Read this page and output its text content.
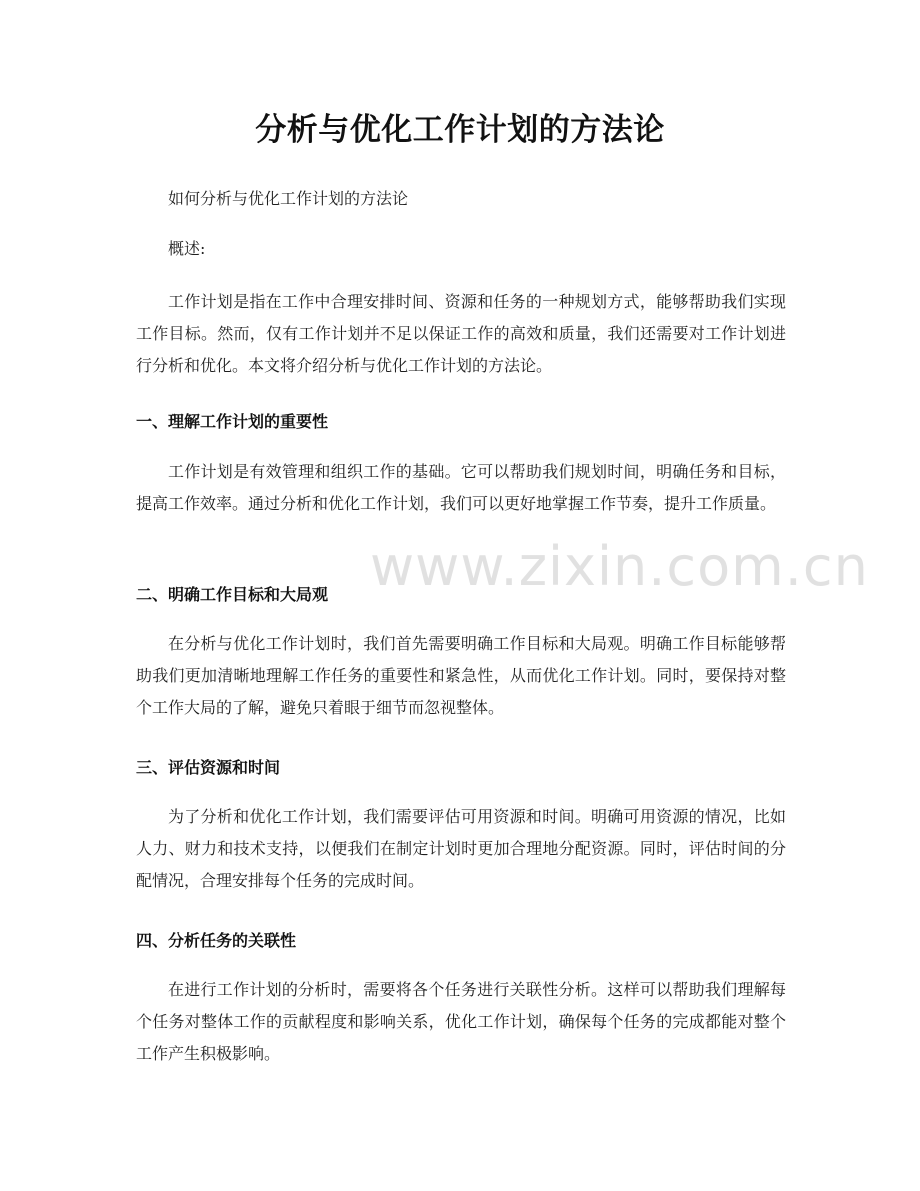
分析与优化工作计划的方法论
如何分析与优化工作计划的方法论
概述:
工作计划是指在工作中合理安排时间、资源和任务的一种规划方式，能够帮助我们实现工作目标。然而，仅有工作计划并不足以保证工作的高效和质量，我们还需要对工作计划进行分析和优化。本文将介绍分析与优化工作计划的方法论。
一、理解工作计划的重要性
工作计划是有效管理和组织工作的基础。它可以帮助我们规划时间，明确任务和目标，提高工作效率。通过分析和优化工作计划，我们可以更好地掌握工作节奏，提升工作质量。
二、明确工作目标和大局观
在分析与优化工作计划时，我们首先需要明确工作目标和大局观。明确工作目标能够帮助我们更加清晰地理解工作任务的重要性和紧急性，从而优化工作计划。同时，要保持对整个工作大局的了解，避免只着眼于细节而忽视整体。
三、评估资源和时间
为了分析和优化工作计划，我们需要评估可用资源和时间。明确可用资源的情况，比如人力、财力和技术支持，以便我们在制定计划时更加合理地分配资源。同时，评估时间的分配情况，合理安排每个任务的完成时间。
四、分析任务的关联性
在进行工作计划的分析时，需要将各个任务进行关联性分析。这样可以帮助我们理解每个任务对整体工作的贡献程度和影响关系，优化工作计划，确保每个任务的完成都能对整个工作产生积极影响。
www.zixin.com.cn
